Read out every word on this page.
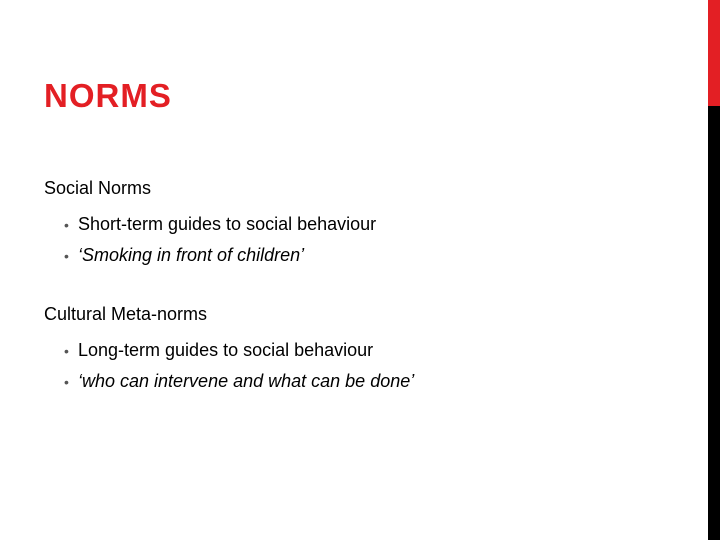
NORMS

Social Norms

• Short-term guides to social behaviour
• ‘Smoking in front of children’

Cultural Meta-norms

• Long-term guides to social behaviour
• ‘who can intervene and what can be done’
